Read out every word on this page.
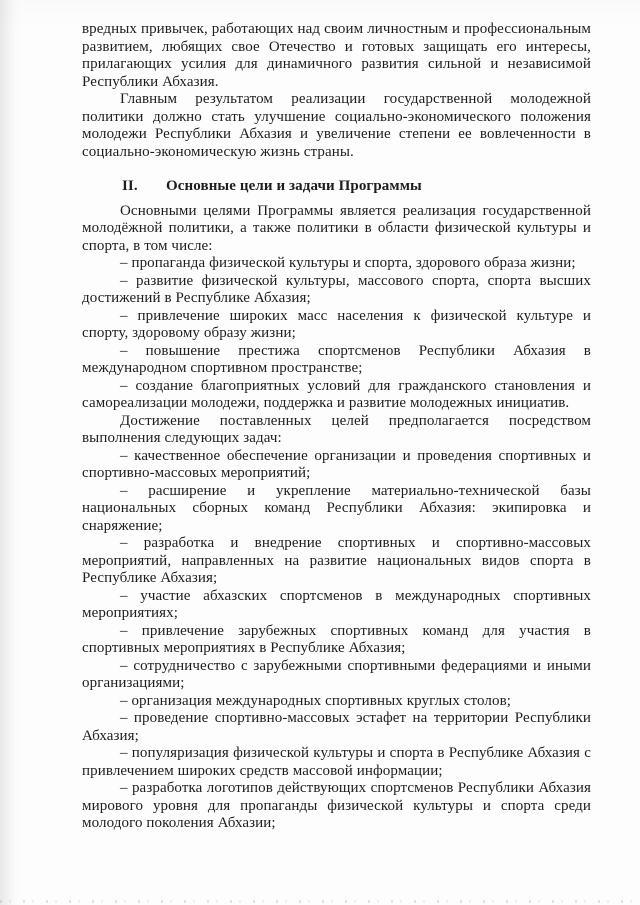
вредных привычек, работающих над своим личностным и профессиональным развитием, любящих свое Отечество и готовых защищать его интересы, прилагающих усилия для динамичного развития сильной и независимой Республики Абхазия.

Главным результатом реализации государственной молодежной политики должно стать улучшение социально-экономического положения молодежи Республики Абхазия и увеличение степени ее вовлеченности в социально-экономическую жизнь страны.

II. Основные цели и задачи Программы

Основными целями Программы является реализация государственной молодёжной политики, а также политики в области физической культуры и спорта, в том числе:

– пропаганда физической культуры и спорта, здорового образа жизни;

– развитие физической культуры, массового спорта, спорта высших достижений в Республике Абхазия;

– привлечение широких масс населения к физической культуре и спорту, здоровому образу жизни;

– повышение престижа спортсменов Республики Абхазия в международном спортивном пространстве;

– создание благоприятных условий для гражданского становления и самореализации молодежи, поддержка и развитие молодежных инициатив.

Достижение поставленных целей предполагается посредством выполнения следующих задач:

– качественное обеспечение организации и проведения спортивных и спортивно-массовых мероприятий;

– расширение и укрепление материально-технической базы национальных сборных команд Республики Абхазия: экипировка и снаряжение;

– разработка и внедрение спортивных и спортивно-массовых мероприятий, направленных на развитие национальных видов спорта в Республике Абхазия;

– участие абхазских спортсменов в международных спортивных мероприятиях;

– привлечение зарубежных спортивных команд для участия в спортивных мероприятиях в Республике Абхазия;

– сотрудничество с зарубежными спортивными федерациями и иными организациями;

– организация международных спортивных круглых столов;

– проведение спортивно-массовых эстафет на территории Республики Абхазия;

– популяризация физической культуры и спорта в Республике Абхазия с привлечением широких средств массовой информации;

– разработка логотипов действующих спортсменов Республики Абхазия мирового уровня для пропаганды физической культуры и спорта среди молодого поколения Абхазии;
